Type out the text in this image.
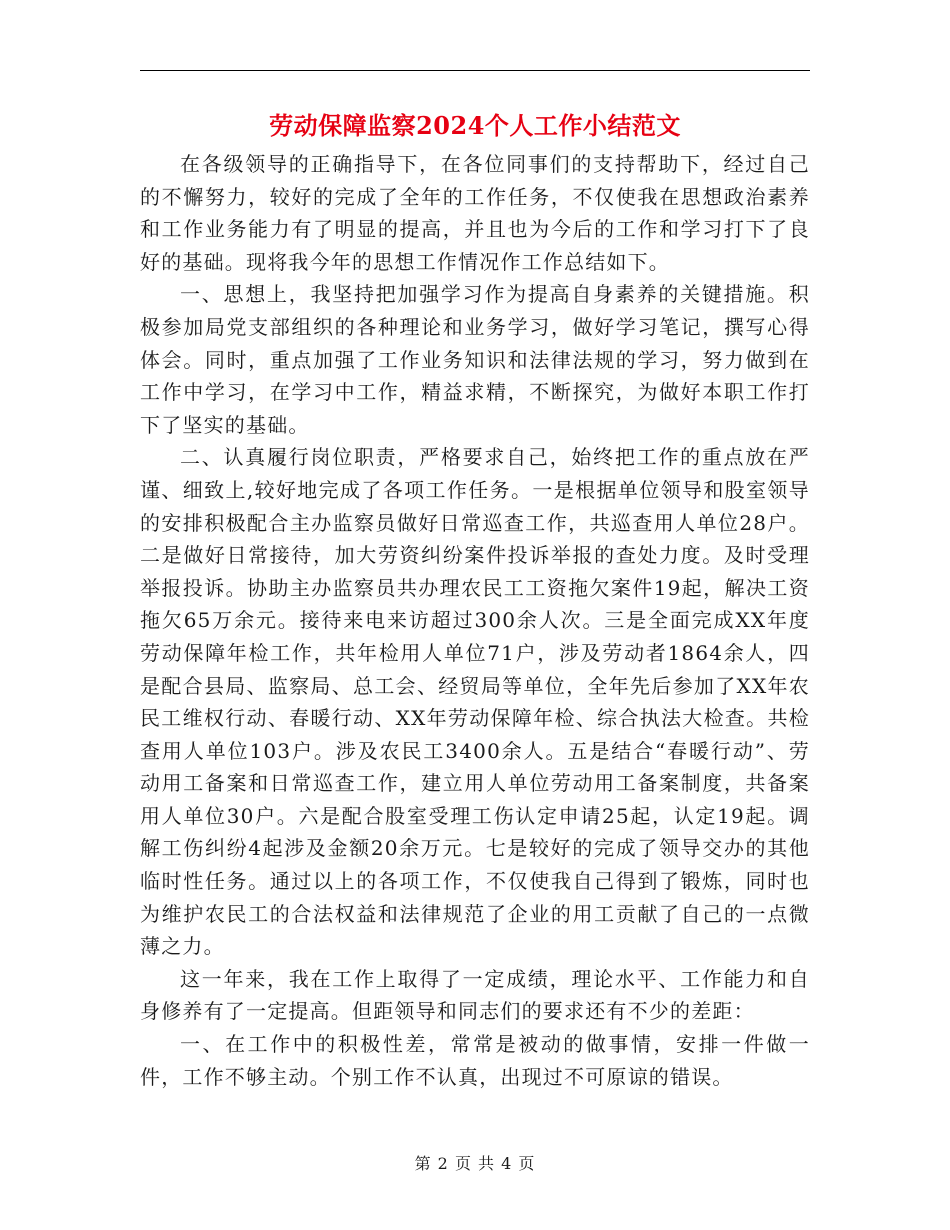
劳动保障监察2024个人工作小结范文

在各级领导的正确指导下，在各位同事们的支持帮助下，经过自己的不懈努力，较好的完成了全年的工作任务，不仅使我在思想政治素养和工作业务能力有了明显的提高，并且也为今后的工作和学习打下了良好的基础。现将我今年的思想工作情况作工作总结如下。

一、思想上，我坚持把加强学习作为提高自身素养的关键措施。积极参加局党支部组织的各种理论和业务学习，做好学习笔记，撰写心得体会。同时，重点加强了工作业务知识和法律法规的学习，努力做到在工作中学习，在学习中工作，精益求精，不断探究，为做好本职工作打下了坚实的基础。

二、认真履行岗位职责，严格要求自己，始终把工作的重点放在严谨、细致上,较好地完成了各项工作任务。一是根据单位领导和股室领导的安排积极配合主办监察员做好日常巡查工作，共巡查用人单位28户。二是做好日常接待，加大劳资纠纷案件投诉举报的查处力度。及时受理举报投诉。协助主办监察员共办理农民工工资拖欠案件19起，解决工资拖欠65万余元。接待来电来访超过300余人次。三是全面完成XX年度劳动保障年检工作，共年检用人单位71户，涉及劳动者1864余人，四是配合县局、监察局、总工会、经贸局等单位，全年先后参加了XX年农民工维权行动、春暖行动、XX年劳动保障年检、综合执法大检查。共检查用人单位103户。涉及农民工3400余人。五是结合“春暖行动”、劳动用工备案和日常巡查工作，建立用人单位劳动用工备案制度，共备案用人单位30户。六是配合股室受理工伤认定申请25起，认定19起。调解工伤纠纷4起涉及金额20余万元。七是较好的完成了领导交办的其他临时性任务。通过以上的各项工作，不仅使我自己得到了锻炼，同时也为维护农民工的合法权益和法律规范了企业的用工贡献了自己的一点微薄之力。

这一年来，我在工作上取得了一定成绩，理论水平、工作能力和自身修养有了一定提高。但距领导和同志们的要求还有不少的差距：

一、在工作中的积极性差，常常是被动的做事情，安排一件做一件，工作不够主动。个别工作不认真，出现过不可原谅的错误。

第 2 页 共 4 页
